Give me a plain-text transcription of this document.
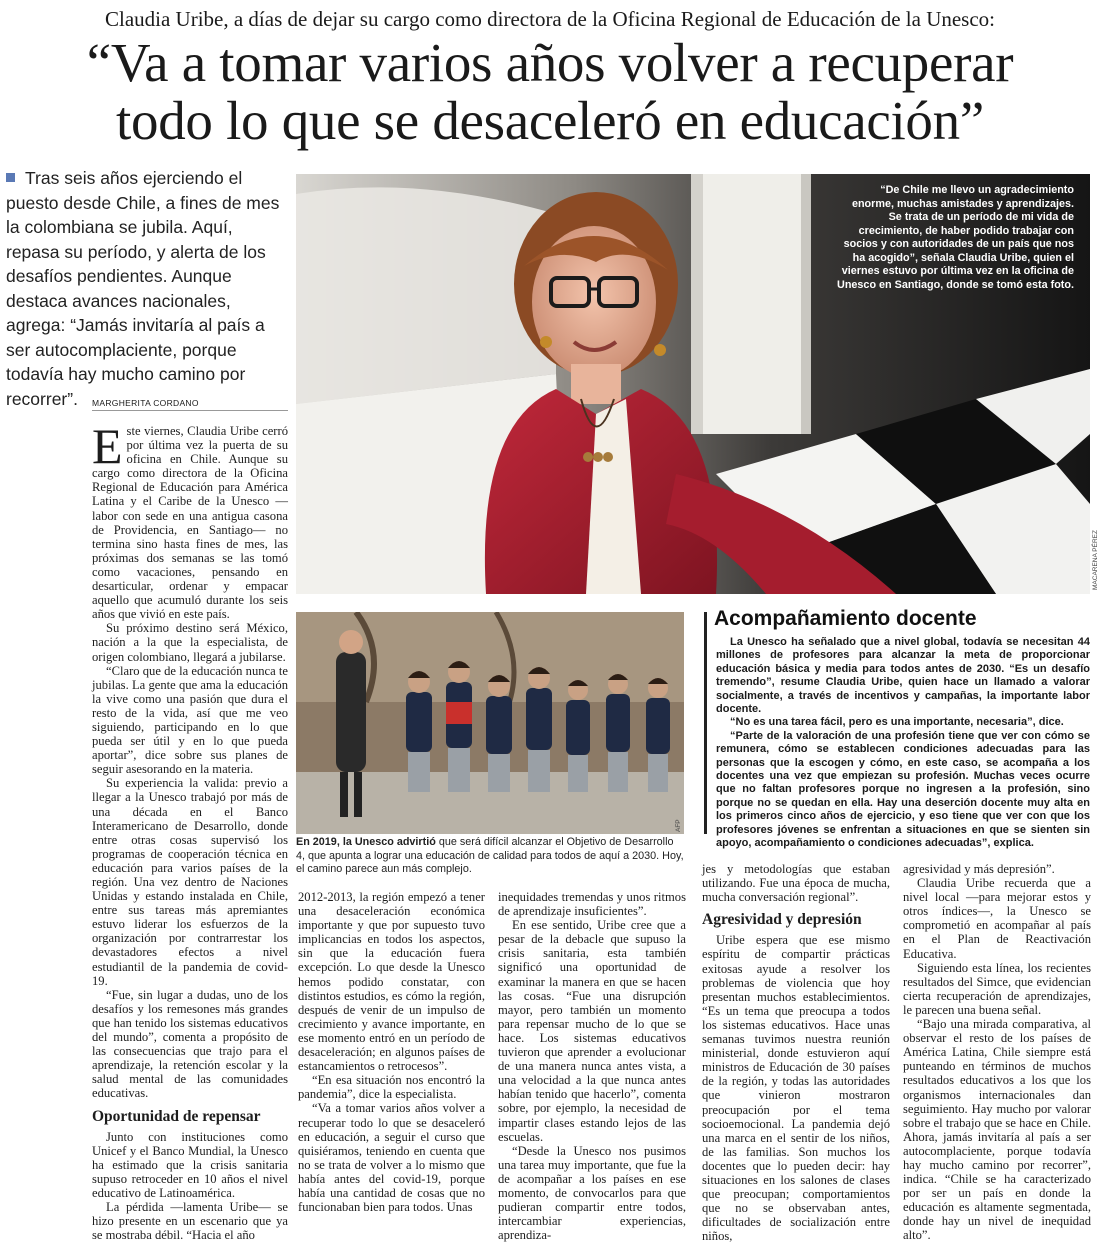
Claudia Uribe, a días de dejar su cargo como directora de la Oficina Regional de Educación de la Unesco:
“Va a tomar varios años volver a recuperar
todo lo que se desaceleró en educación”
Tras seis años ejerciendo el puesto desde Chile, a fines de mes la colombiana se jubila. Aquí, repasa su período, y alerta de los desafíos pendientes. Aunque destaca avances nacionales, agrega: “Jamás invitaría al país a ser autocomplaciente, porque todavía hay mucho camino por recorrer”.	MARGHERITA CORDANO
“De Chile me llevo un agradecimiento enorme, muchas amistades y aprendizajes. Se trata de un período de mi vida de crecimiento, de haber podido trabajar con socios y con autoridades de un país que nos ha acogido”, señala Claudia Uribe, quien el viernes estuvo por última vez en la oficina de Unesco en Santiago, donde se tomó esta foto.
MACARENA PÉREZ
AFP
En 2019, la Unesco advirtió que será difícil alcanzar el Objetivo de Desarrollo 4, que apunta a lograr una educación de calidad para todos de aquí a 2030. Hoy, el camino parece aun más complejo.
Acompañamiento docente

La Unesco ha señalado que a nivel global, todavía se necesitan 44 millones de profesores para alcanzar la meta de proporcionar educación básica y media para todos antes de 2030. “Es un desafío tremendo”, resume Claudia Uribe, quien hace un llamado a valorar socialmente, a través de incentivos y campañas, la importante labor docente.

“No es una tarea fácil, pero es una importante, necesaria”, dice.

“Parte de la valoración de una profesión tiene que ver con cómo se remunera, cómo se establecen condiciones adecuadas para las personas que la escogen y cómo, en este caso, se acompaña a los docentes una vez que empiezan su profesión. Muchas veces ocurre que no faltan profesores porque no ingresen a la profesión, sino porque no se quedan en ella. Hay una deserción docente muy alta en los primeros cinco años de ejercicio, y eso tiene que ver con que los profesores jóvenes se enfrentan a situaciones en que se sienten sin apoyo, acompañamiento o condiciones adecuadas”, explica.

Este viernes, Claudia Uribe cerró por última vez la puerta de su oficina en Chile. Aunque su cargo como directora de la Oficina Regional de Educación para América Latina y el Caribe de la Unesco —labor con sede en una antigua casona de Providencia, en Santiago— no termina sino hasta fines de mes, las próximas dos semanas se las tomó como vacaciones, pensando en desarticular, ordenar y empacar aquello que acumuló durante los seis años que vivió en este país.

Su próximo destino será México, nación a la que la especialista, de origen colombiano, llegará a jubilarse.

“Claro que de la educación nunca te jubilas. La gente que ama la educación la vive como una pasión que dura el resto de la vida, así que me veo siguiendo, participando en lo que pueda ser útil y en lo que pueda aportar”, dice sobre sus planes de seguir asesorando en la materia.

Su experiencia la valida: previo a llegar a la Unesco trabajó por más de una década en el Banco Interamericano de Desarrollo, donde entre otras cosas supervisó los programas de cooperación técnica en educación para varios países de la región. Una vez dentro de Naciones Unidas y estando instalada en Chile, entre sus tareas más apremiantes estuvo liderar los esfuerzos de la organización por contrarrestar los devastadores efectos a nivel estudiantil de la pandemia de covid-19.

“Fue, sin lugar a dudas, uno de los desafíos y los remesones más grandes que han tenido los sistemas educativos del mundo”, comenta a propósito de las consecuencias que trajo para el aprendizaje, la retención escolar y la salud mental de las comunidades educativas.

Oportunidad de repensar

Junto con instituciones como Unicef y el Banco Mundial, la Unesco ha estimado que la crisis sanitaria supuso retroceder en 10 años el nivel educativo de Latinoamérica.

La pérdida —lamenta Uribe— se hizo presente en un escenario que ya se mostraba débil. “Hacia el año

2012-2013, la región empezó a tener una desaceleración económica importante y que por supuesto tuvo implicancias en todos los aspectos, sin que la educación fuera excepción. Lo que desde la Unesco hemos podido constatar, con distintos estudios, es cómo la región, después de venir de un impulso de crecimiento y avance importante, en ese momento entró en un período de desaceleración; en algunos países de estancamientos o retrocesos”.

“En esa situación nos encontró la pandemia”, dice la especialista.

“Va a tomar varios años volver a recuperar todo lo que se desaceleró en educación, a seguir el curso que quisiéramos, teniendo en cuenta que no se trata de volver a lo mismo que había antes del covid-19, porque había una cantidad de cosas que no funcionaban bien para todos. Unas

inequidades tremendas y unos ritmos de aprendizaje insuficientes”.

En ese sentido, Uribe cree que a pesar de la debacle que supuso la crisis sanitaria, esta también significó una oportunidad de examinar la manera en que se hacen las cosas. “Fue una disrupción mayor, pero también un momento para repensar mucho de lo que se hace. Los sistemas educativos tuvieron que aprender a evolucionar de una manera nunca antes vista, a una velocidad a la que nunca antes habían tenido que hacerlo”, comenta sobre, por ejemplo, la necesidad de impartir clases estando lejos de las escuelas.

“Desde la Unesco nos pusimos una tarea muy importante, que fue la de acompañar a los países en ese momento, de convocarlos para que pudieran compartir entre todos, intercambiar experiencias, aprendiza-

jes y metodologías que estaban utilizando. Fue una época de mucha, mucha conversación regional”.

Agresividad y depresión

Uribe espera que ese mismo espíritu de compartir prácticas exitosas ayude a resolver los problemas de violencia que hoy presentan muchos establecimientos. “Es un tema que preocupa a todos los sistemas educativos. Hace unas semanas tuvimos nuestra reunión ministerial, donde estuvieron aquí ministros de Educación de 30 países de la región, y todas las autoridades que vinieron mostraron preocupación por el tema socioemocional. La pandemia dejó una marca en el sentir de los niños, de las familias. Son muchos los docentes que lo pueden decir: hay situaciones en los salones de clases que preocupan; comportamientos que no se observaban antes, dificultades de socialización entre niños,

agresividad y más depresión”.

Claudia Uribe recuerda que a nivel local —para mejorar estos y otros índices—, la Unesco se comprometió en acompañar al país en el Plan de Reactivación Educativa.

Siguiendo esta línea, los recientes resultados del Simce, que evidencian cierta recuperación de aprendizajes, le parecen una buena señal.

“Bajo una mirada comparativa, al observar el resto de los países de América Latina, Chile siempre está punteando en términos de muchos resultados educativos a los que los organismos internacionales dan seguimiento. Hay mucho por valorar sobre el trabajo que se hace en Chile. Ahora, jamás invitaría al país a ser autocomplaciente, porque todavía hay mucho camino por recorrer”, indica. “Chile se ha caracterizado por ser un país en donde la educación es altamente segmentada, donde hay un nivel de inequidad alto”.
